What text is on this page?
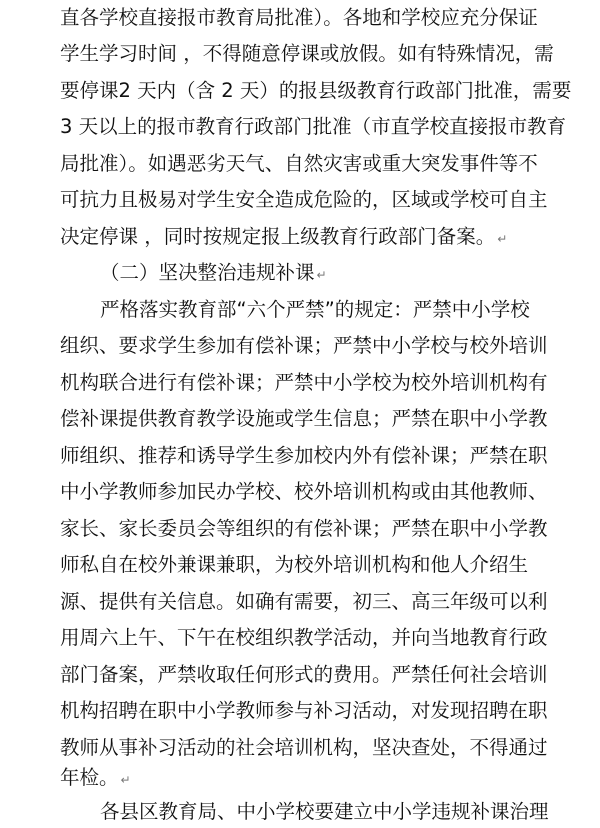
直各学校直接报市教育局批准）。各地和学校应充分保证
学生学习时间 ，不得随意停课或放假。如有特殊情况，需
要停课2 天内（含 2 天）的报县级教育行政部门批准，需要
3 天以上的报市教育行政部门批准（市直学校直接报市教育
局批准）。如遇恶劣天气、自然灾害或重大突发事件等不
可抗力且极易对学生安全造成危险的，区域或学校可自主
决定停课 ，同时按规定报上级教育行政部门备案。 ↵
（二）坚决整治违规补课 ↵
严格落实教育部“六个严禁”的规定：严禁中小学校
组织、要求学生参加有偿补课；严禁中小学校与校外培训
机构联合进行有偿补课；严禁中小学校为校外培训机构有
偿补课提供教育教学设施或学生信息；严禁在职中小学教
师组织、推荐和诱导学生参加校内外有偿补课；严禁在职
中小学教师参加民办学校、校外培训机构或由其他教师、
家长、家长委员会等组织的有偿补课；严禁在职中小学教
师私自在校外兼课兼职，为校外培训机构和他人介绍生
源、提供有关信息。如确有需要，初三、高三年级可以利
用周六上午、下午在校组织教学活动，并向当地教育行政
部门备案，严禁收取任何形式的费用。严禁任何社会培训
机构招聘在职中小学教师参与补习活动，对发现招聘在职
教师从事补习活动的社会培训机构，坚决查处，不得通过
年检。 ↵
各县区教育局、中小学校要建立中小学违规补课治理
